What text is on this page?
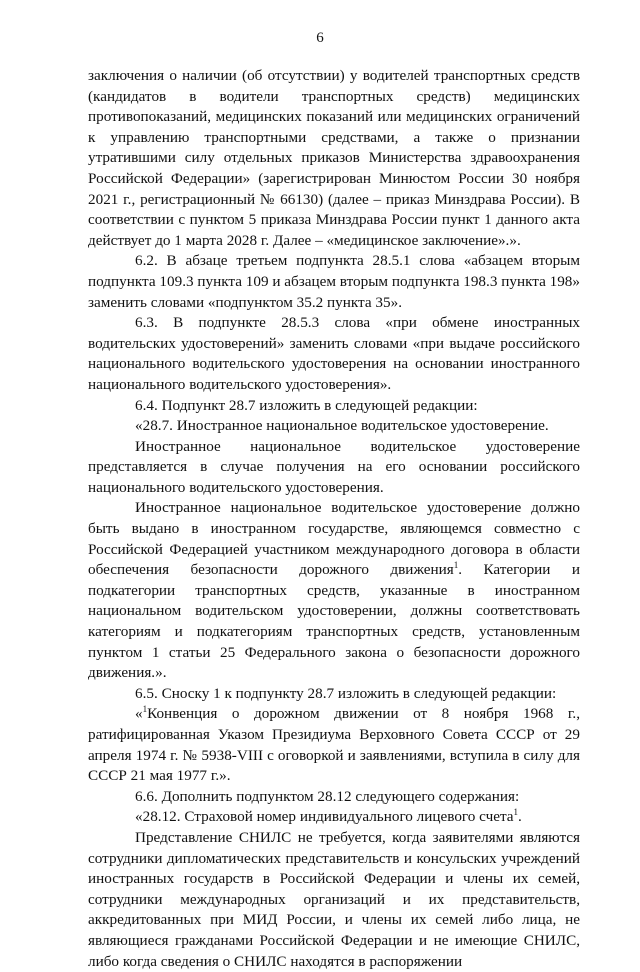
6

заключения о наличии (об отсутствии) у водителей транспортных средств (кандидатов в водители транспортных средств) медицинских противопоказаний, медицинских показаний или медицинских ограничений к управлению транспортными средствами, а также о признании утратившими силу отдельных приказов Министерства здравоохранения Российской Федерации» (зарегистрирован Минюстом России 30 ноября 2021 г., регистрационный № 66130) (далее – приказ Минздрава России). В соответствии с пунктом 5 приказа Минздрава России пункт 1 данного акта действует до 1 марта 2028 г. Далее – «медицинское заключение».».

6.2. В абзаце третьем подпункта 28.5.1 слова «абзацем вторым подпункта 109.3 пункта 109 и абзацем вторым подпункта 198.3 пункта 198» заменить словами «подпунктом 35.2 пункта 35».

6.3. В подпункте 28.5.3 слова «при обмене иностранных водительских удостоверений» заменить словами «при выдаче российского национального водительского удостоверения на основании иностранного национального водительского удостоверения».

6.4. Подпункт 28.7 изложить в следующей редакции:

«28.7. Иностранное национальное водительское удостоверение.

Иностранное национальное водительское удостоверение представляется в случае получения на его основании российского национального водительского удостоверения.

Иностранное национальное водительское удостоверение должно быть выдано в иностранном государстве, являющемся совместно с Российской Федерацией участником международного договора в области обеспечения безопасности дорожного движения$^1$. Категории и подкатегории транспортных средств, указанные в иностранном национальном водительском удостоверении, должны соответствовать категориям и подкатегориям транспортных средств, установленным пунктом 1 статьи 25 Федерального закона о безопасности дорожного движения.».

6.5. Сноску 1 к подпункту 28.7 изложить в следующей редакции:

«$^1$Конвенция о дорожном движении от 8 ноября 1968 г., ратифицированная Указом Президиума Верховного Совета СССР от 29 апреля 1974 г. № 5938-VIII с оговоркой и заявлениями, вступила в силу для СССР 21 мая 1977 г.».

6.6. Дополнить подпунктом 28.12 следующего содержания:

«28.12. Страховой номер индивидуального лицевого счета$^1$.

Представление СНИЛС не требуется, когда заявителями являются сотрудники дипломатических представительств и консульских учреждений иностранных государств в Российской Федерации и члены их семей, сотрудники международных организаций и их представительств, аккредитованных при МИД России, и члены их семей либо лица, не являющиеся гражданами Российской Федерации и не имеющие СНИЛС, либо когда сведения о СНИЛС находятся в распоряжении
